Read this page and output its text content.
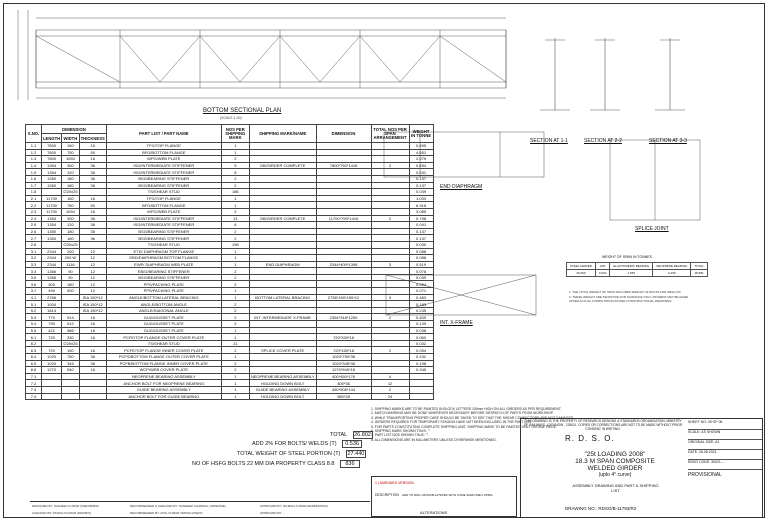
BOTTOM SECTIONAL PLAN
(SCALE-1:40)
SECTION AT 1-1	SECTION AT 2-2	SECTION AT 3-3
END DIAPHRAGM
SPLICE JOINT
INT. X-FRAME
WEIGHT OF SPAN IN TONNES
STEEL GIRDER	H/R	ELASTOMERIC BEARING	NEOPRENE BEARING	TOTAL
26.660	0.062	1.553	0.450	28.681
1. THE TOTAL WEIGHT OF SPAN INCLUDES WEIGHT OF BOLTS AND WELD 2%
2. THESE WEIGHT ARE TENTATIVE FOR GUIDANCE ONLY. PAYMENT MAY BE MADE
AFTER ACTUAL COMPUTATION AS PER CONSTRUCTIONAL DRAWINGS.
S.NO.	DIMENSION			PART LIST / PART NAME	NOS PER SHIPPING MARK	SHIPPING MARK/NAME	DIMENSION	TOTAL NOS PER SPAN ARRANGEMENT	WEIGHT IN TONNE
	LENGTH	WIDTH	THICKNESS						
1.1	7800	160	16	TFG/TOP FLANGE	1				0.495
1.2	7800	750	50	BFG/BOTTOM FLANGE	1				4.651
1.3	7800	1050	16	WPG/WEB PLATE	2				2.079
1.4	1354	300	36	ISG/INTERMEDIATE STIFFENER	9	GB/GIRDER COMPLETE	7800*750*1416	2	0.454
1.5	1354	120	36	ISG/INTERMEDIATE STIFFENER	8				0.041
1.6	1350	180	36	BSG/BEARING STIFFENER	2				0.137
1.7	1350	180	36	BSG/BEARING STIFFENER	2				0.137
1.8		∅20x25		TS/SHEAR STUD	186				0.039
2.1	11700	160	16	TFG/TOP FLANGE	1				1.033
2.2	11700	750	50	BFG/BOTTOM FLANGE	1				6.918
2.3	11700	1050	16	WPG/WEB PLATE	2				3.085
2.4	1354	300	36	ISG/INTERMEDIATE STIFFENER	13	GB/GIRDER COMPLETE	11700*750*1416	2	0.798
2.5	1354	120	36	ISG/INTERMEDIATE STIFFENER	8				0.041
2.6	1350	180	36	BSG/BEARING STIFFENER	2				0.137
2.7	1350	180	36	BSG/BEARING STIFFENER	2				0.137
2.8		∅20x25		TS/SHEAR STUD	198				0.030
3.1	2344	200	12	ETD/ DIAPHRAGM TOP FLANGE	1				0.088
3.2	2344	200 W	12	EBD/DIAPHRAGM BOTTOM FLANGE	1				0.088
3.3	2344	1116	12	EWP/ DIAPHRAGM WEB PLATE	1	END DIAPHRAGM	2344*400*1398	3	0.519
3.4	1356	90	12	EB/G/BEARING STIFFENER	2				0.078
3.5	1356	90	12	BSG/BEARING STIFFENER	2				0.039
3.6	300	180	12	PPS/PACKING PLATE	2				0.054
3.7	490	500	12	PPS/PACKING PLATE	1				0.071
4.1	2766		ISA 150*12	ANGLE/BOTTOM LATERAL BRACING	1	BOTTOM LATERAL BRACING	2738*150*150*12	3	0.483
5.1	1004		ISA 150*12	ANGLE/BOTTOM ANGLE	2				0.183
5.2	1814		ISA 150*12	ANGLE/DIAGONAL ANGLE	2				0.245
5.3	770	514	16	GUG/GUSSET PLATE	2	INT. INTERMEDIATE X-FRAME	2354*318*1250	2	0.409
5.4	790	512	16	GUG/GUSSET PLATE	2				0.139
5.5	421	586	16	GUG/GUSSET PLATE	1				0.038
6.1	720	330	16	PCFE/TOP FLANGE OUTER COVER PLATE	1		720*330*16		0.060
6.2		∅20x25		TS/SHEAR STUD	21				0.032
6.3	720	150	16	PCFE/TOP FLANGE INNER COVER PLATE	2	SPLICE COVER PLATE	720*150*16	2	0.054
6.4	1020	750	36	PCFS/BOTTOM FLANGE OUTER COVER PLATE	1		1020*750*36		0.432
6.5	1020	345	36	PCFB/BOTTOM FLANGE INNER COVER PLATE	2		1020*345*36		0.198
6.6	1270	540	16	WCP/WEB COVER PLATE	2		1270*540*16		0.345
7.1				NEOPRENE BEARING ASSEMBLY	1	NEOPRENE BEARING ASSEMBLY	400*450*176	4	
7.2				ANCHOR BOLT FOR NEOPRENE BEARING	1	HOLDING DOWN BOLT	400*36	12	
7.3				GUIDE BEARING ASSEMBLY	1	GUIDE BEARING ASSEMBLY	450*508*144	2	
7.4				ANCHOR BOLT FOR GUIDE BEARING	1	HOLDING DOWN BOLT	980*28	24	
TOTAL 26.802
ADD 2% FOR BOLTS/ WELDS (T) 0.536
TOTAL WEIGHT OF STEEL PORTION (T) 27.440
NO OF HSFG BOLTS 22 MM DIA PROPERTY CLASS 8.8 836
1. SHIPPING MARKS ARE TO BE PAINTED IN BLOCK LETTERS 100mm HIGH ON ALL GIRDERS AS PER REQUIREMENT
2. MATCH MARKING MAY BE DONE WHEREVER NECESSARY BEFORE DESPATCH OF PARTS FROM WORKSHOP.
3. WHILE TRANSPORTING PROPER CARE SHOULD BE TAKEN TO SEE THAT THE SHEAR CONNECTORS ARE NOT DAMAGED.
4. GIRDERS REQUIRED FOR TEMPORARY STAGING HAVE NOT BEEN INCLUDED IN THE PART LIST.
5. FOR PARTS CONSTITUTING COMPLETE SHIPPING UNIT, SHIPPING MARK TO BE PAINTED ONLY ON ONE PIECE.
6. SHIPPING MARK SHOWN THUS: "".
7. PART LIST NOS SHOWN THUS: "".
8. ALL DIMENSIONS ARE IN MILLIMETERS UNLESS OTHERWISE MENTIONED.
THIS DRAWING IS THE PROPERTY OF RESEARCH DESIGNS & STANDARDS ORGANISATION, MINISTRY OF RAILWAYS, LUCKNOW - 226011. COPIES OR CORRECTIONS ARE NOT TO BE MADE WITHOUT PRIOR CONSENT IN WRITING.
R. D. S. O.
"25t LOADING 2008"
18.3 M SPAN COMPOSITE
WELDED GIRDER
(upto 4° curve)
ASSEMBLY DRAWING AND PART & SHIPPING LIST
DRAWING NO.: RDSO/B-11793/R2
SHEET NO: 05 OF 06
SCALE: AS SHOWN
ORIGINAL SIZE: A1
DATE: 26.08.2021
RDSO CODE: 30021-...
PROVISIONAL
1 | AMENDED VERSION
DESCRIPTION ADD TO DRG. RDSO/B-11793/R2 WITH CODE 30021/SMO.1/PMG
ALTERATIONS
DESIGNED BY: SANJEEV KUMAR (SSE/CB/B/S)
CHECKED BY: PANKAJ KUMAR (DEN/B/S)
RECOMMENDED & CHECKED BY: SANDEEP AGARWAL (JDSE/SSE)
RECOMMENDED BY: ATUL KUMAR VERMA (DSE/S)
APPROVED BY: RAJESH KUMAR (ED/B&S/SMO)
APPROVED BY: ...
